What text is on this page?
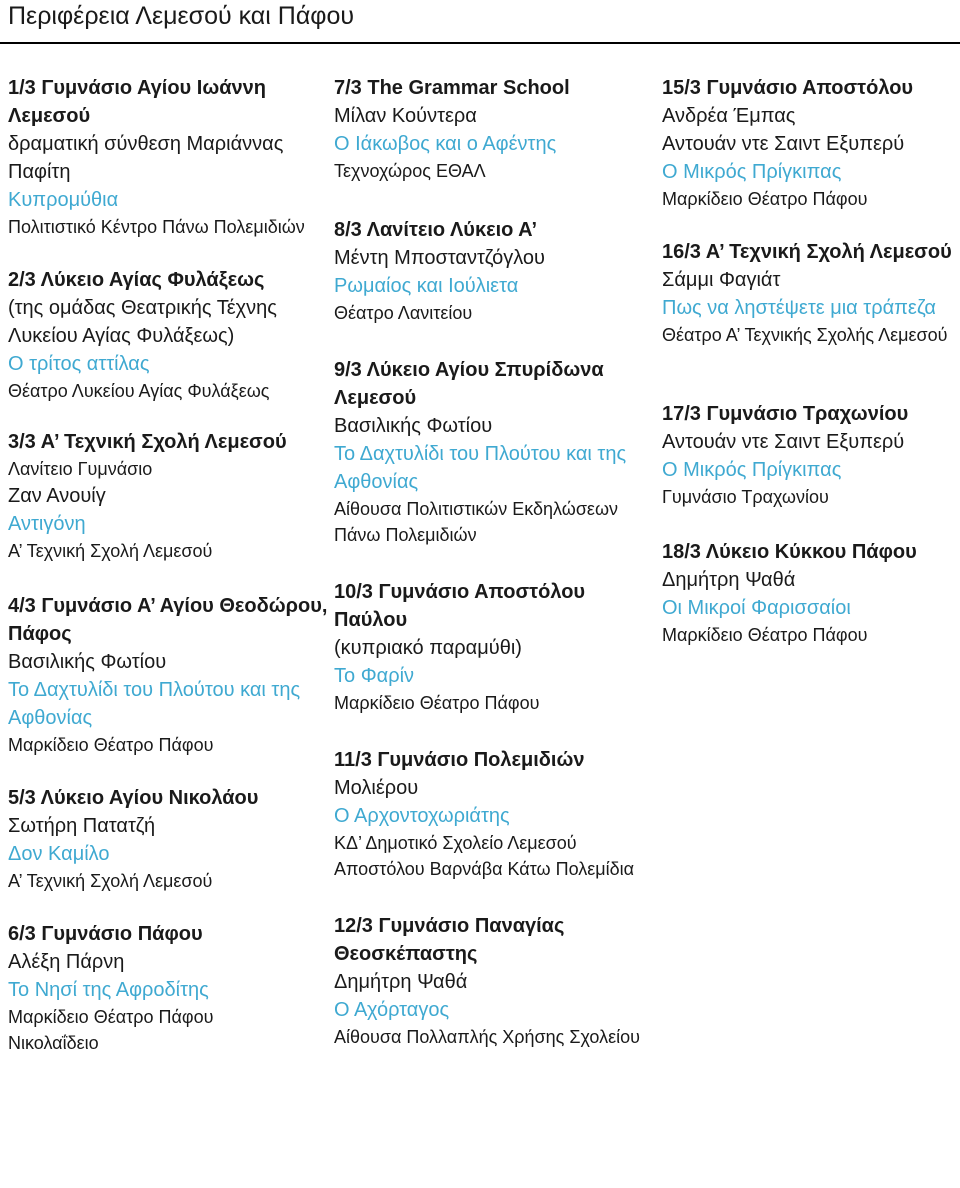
Περιφέρεια Λεμεσού και Πάφου
1/3 Γυμνάσιο Αγίου Ιωάννη Λεμεσού
δραματική σύνθεση Μαριάννας Παφίτη
Κυπρομύθια
Πολιτιστικό Κέντρο Πάνω Πολεμιδιών
2/3 Λύκειο Αγίας Φυλάξεως
(της ομάδας Θεατρικής Τέχνης Λυκείου Αγίας Φυλάξεως)
Ο τρίτος αττίλας
Θέατρο Λυκείου Αγίας Φυλάξεως
3/3 Α’ Τεχνική Σχολή Λεμεσού
Λανίτειο Γυμνάσιο
Ζαν Ανουίγ
Αντιγόνη
Α’ Τεχνική Σχολή Λεμεσού
4/3 Γυμνάσιο Α’ Αγίου Θεοδώρου, Πάφος
Βασιλικής Φωτίου
Το Δαχτυλίδι του Πλούτου και της Αφθονίας
Μαρκίδειο Θέατρο Πάφου
5/3 Λύκειο Αγίου Νικολάου
Σωτήρη Πατατζή
Δον Καμίλο
Α’ Τεχνική Σχολή Λεμεσού
6/3 Γυμνάσιο Πάφου
Αλέξη Πάρνη
Το Νησί της Αφροδίτης
Μαρκίδειο Θέατρο Πάφου
Νικολαΐδειο
7/3 The Grammar School
Μίλαν Κούντερα
Ο Ιάκωβος και ο Αφέντης
Τεχνοχώρος ΕΘΑΛ
8/3 Λανίτειο Λύκειο Α’
Μέντη Μποσταντζόγλου
Ρωμαίος και Ιούλιετα
Θέατρο Λανιτείου
9/3 Λύκειο Αγίου Σπυρίδωνα Λεμεσού
Βασιλικής Φωτίου
Το Δαχτυλίδι του Πλούτου και της Αφθονίας
Αίθουσα Πολιτιστικών Εκδηλώσεων Πάνω Πολεμιδιών
10/3 Γυμνάσιο Αποστόλου Παύλου
(κυπριακό παραμύθι)
Το Φαρίν
Μαρκίδειο Θέατρο Πάφου
11/3 Γυμνάσιο Πολεμιδιών
Μολιέρου
Ο Αρχοντοχωριάτης
ΚΔ’ Δημοτικό Σχολείο Λεμεσού Αποστόλου Βαρνάβα Κάτω Πολεμίδια
12/3 Γυμνάσιο Παναγίας Θεοσκέπαστης
Δημήτρη Ψαθά
Ο Αχόρταγος
Αίθουσα Πολλαπλής Χρήσης Σχολείου
15/3 Γυμνάσιο Αποστόλου
Ανδρέα Έμπας
Αντουάν ντε Σαιντ Εξυπερύ
Ο Μικρός Πρίγκιπας
Μαρκίδειο Θέατρο Πάφου
16/3 Α’ Τεχνική Σχολή Λεμεσού
Σάμμι Φαγιάτ
Πως να ληστέψετε μια τράπεζα
Θέατρο Α’ Τεχνικής Σχολής Λεμεσού
17/3 Γυμνάσιο Τραχωνίου
Αντουάν ντε Σαιντ Εξυπερύ
Ο Μικρός Πρίγκιπας
Γυμνάσιο Τραχωνίου
18/3 Λύκειο Κύκκου Πάφου
Δημήτρη Ψαθά
Οι Μικροί Φαρισσαίοι
Μαρκίδειο Θέατρο Πάφου
